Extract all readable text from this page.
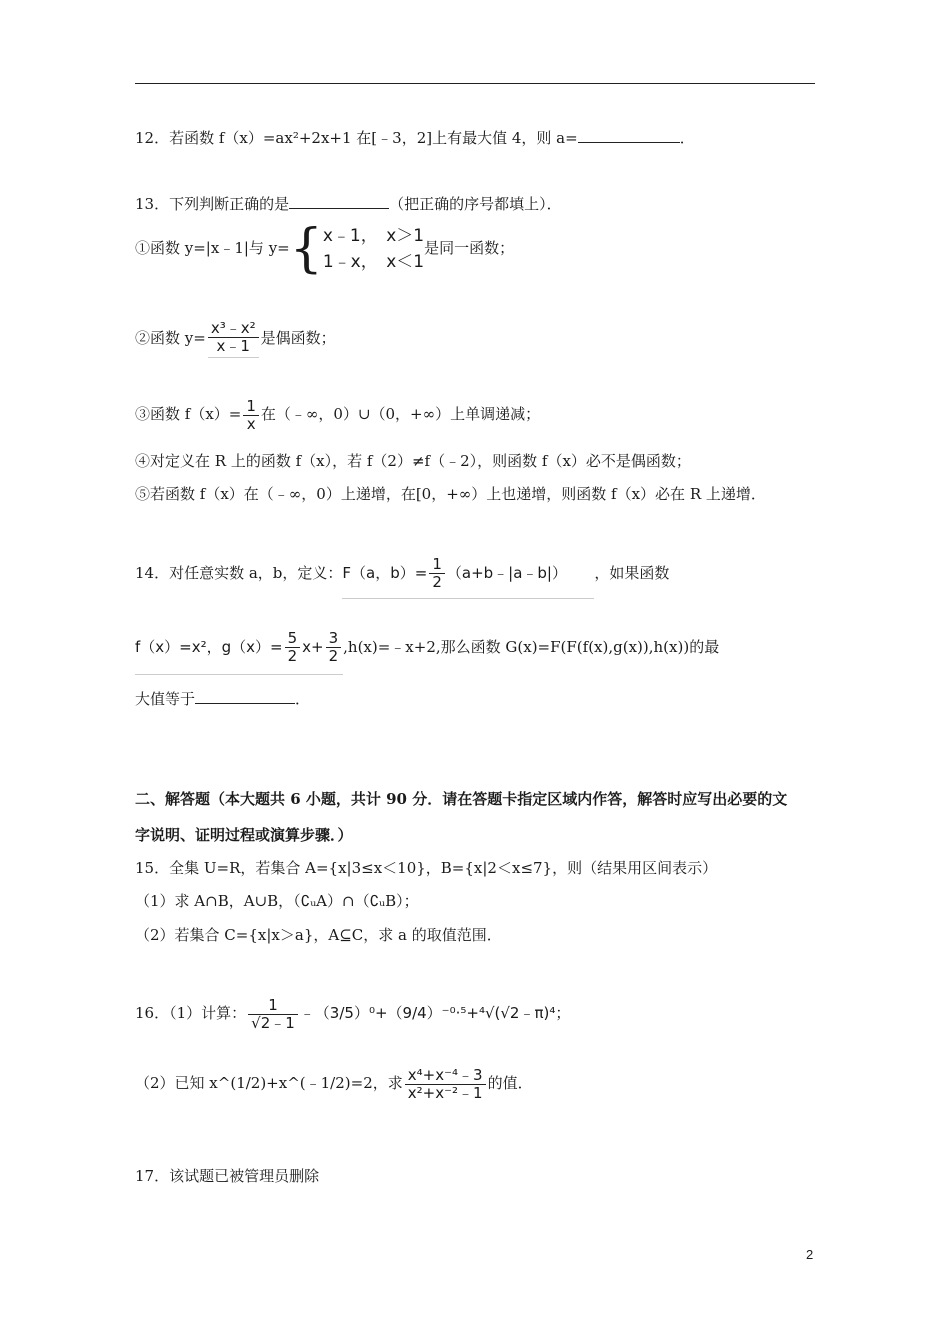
12．若函数 f（x）=ax²+2x+1 在[﹣3，2]上有最大值 4，则 a=	．
13．下列判断正确的是	（把正确的序号都填上）．
①函数 y=|x﹣1|与 y={ x﹣1，　x＞1
1﹣x，　x＜1
是同一函数；
②函数 $y= \frac{\text{x³﹣x²}}{x﹣1}$ 是偶函数；
③函数 $f(x)= \frac{1}{x}$ 在（﹣∞，0）∪（0，+∞）上单调递减；
④对定义在 R 上的函数 f（x），若 f（2）≠f（﹣2），则函数 f（x）必不是偶函数；
⑤若函数 f（x）在（﹣∞，0）上递增，在[0，+∞）上也递增，则函数 f（x）必在 R 上递增．
14．对任意实数 a，b，定义：F（a，$b)= \frac{1}{2}$ （a+b﹣|a﹣b|） ，如果函数
f（x）=x²，$g(x)= \frac{5}{2} x+ \frac{3}{2}$ ,h(x)=﹣x+2,那么函数 G(x)=F(F(f(x),g(x)),h(x))的最
大值等于	．
二、解答题（本大题共 6 小题，共计 90 分．请在答题卡指定区域内作答，解答时应写出必要的文
字说明、证明过程或演算步骤．）
15．全集 U=R，若集合 A={x|3≤x＜10}，B={x|2＜x≤7}，则（结果用区间表示）
（1）求 A∩B，A∪B，（∁ᵤA）∩（∁ᵤB）；
（2）若集合 C={x|x＞a}，A⊆C，求 a 的取值范围．
16．（1）计算： $\frac{1}{√2﹣1}$ ﹣（3/5）⁰+（9/4）⁻⁰·⁵+⁴√(√2﹣π)⁴；
（2）已知 x^(1/2)+x^(﹣1/2)=2，求 $\frac{\text{x⁴+x⁻⁴﹣3}}{\text{x²+x⁻²﹣1}}$ 的值．
17．该试题已被管理员删除
2
